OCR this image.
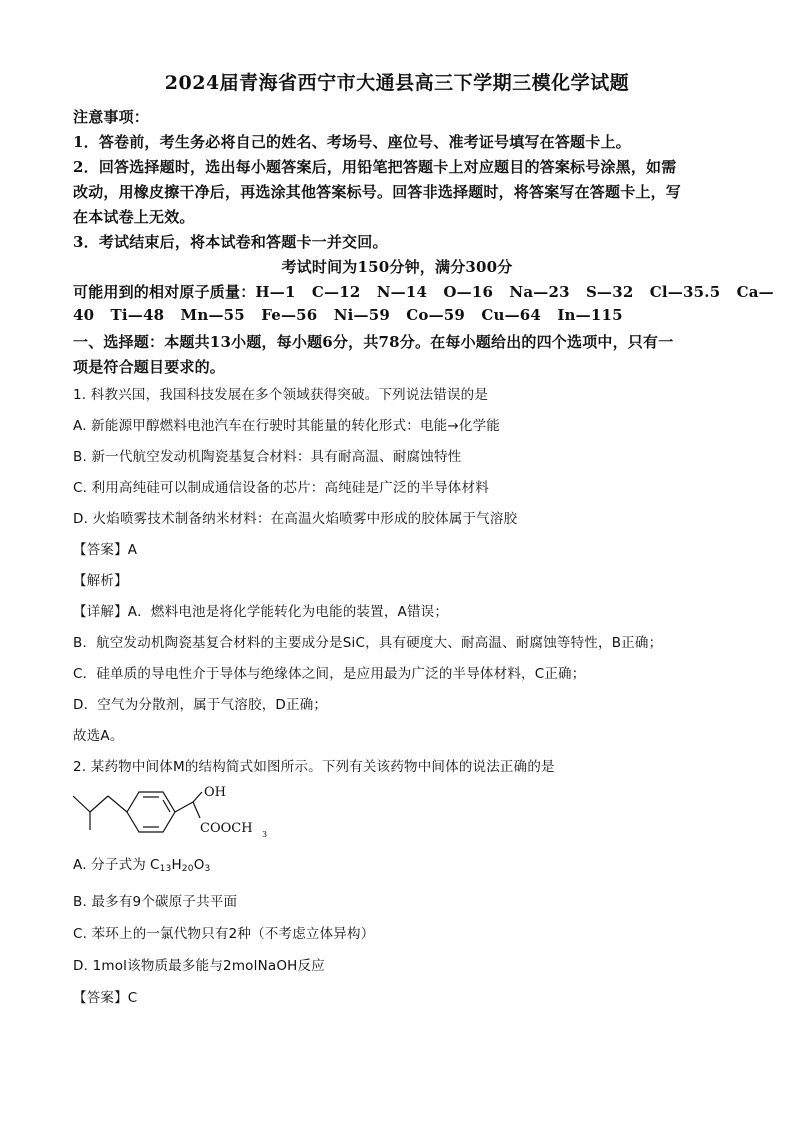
2024届青海省西宁市大通县高三下学期三模化学试题
注意事项：
1．答卷前，考生务必将自己的姓名、考场号、座位号、准考证号填写在答题卡上。
2．回答选择题时，选出每小题答案后，用铅笔把答题卡上对应题目的答案标号涂黑，如需
改动，用橡皮擦干净后，再选涂其他答案标号。回答非选择题时，将答案写在答题卡上，写
在本试卷上无效。
3．考试结束后，将本试卷和答题卡一并交回。
考试时间为150分钟，满分300分
可能用到的相对原子质量：H—1   C—12   N—14   O—16   Na—23   S—32   Cl—35.5   Ca—
40   Ti—48   Mn—55   Fe—56   Ni—59   Co—59   Cu—64   In—115
一、选择题：本题共13小题，每小题6分，共78分。在每小题给出的四个选项中，只有一
项是符合题目要求的。
1. 科教兴国，我国科技发展在多个领域获得突破。下列说法错误的是
A. 新能源甲醇燃料电池汽车在行驶时其能量的转化形式：电能→化学能
B. 新一代航空发动机陶瓷基复合材料：具有耐高温、耐腐蚀特性
C. 利用高纯硅可以制成通信设备的芯片：高纯硅是广泛的半导体材料
D. 火焰喷雾技术制备纳米材料：在高温火焰喷雾中形成的胶体属于气溶胶
【答案】A
【解析】
【详解】A．燃料电池是将化学能转化为电能的装置，A错误；
B．航空发动机陶瓷基复合材料的主要成分是SiC，具有硬度大、耐高温、耐腐蚀等特性，B正确；
C．硅单质的导电性介于导体与绝缘体之间，是应用最为广泛的半导体材料，C正确；
D．空气为分散剂，属于气溶胶，D正确；
故选A。
2. 某药物中间体M的结构简式如图所示。下列有关该药物中间体的说法正确的是
OH
COOCH 3
A. 分子式为 $C_{13}H_{20}O_3$
B. 最多有9个碳原子共平面
C. 苯环上的一氯代物只有2种（不考虑立体异构）
D. 1mol该物质最多能与2molNaOH反应
【答案】C
